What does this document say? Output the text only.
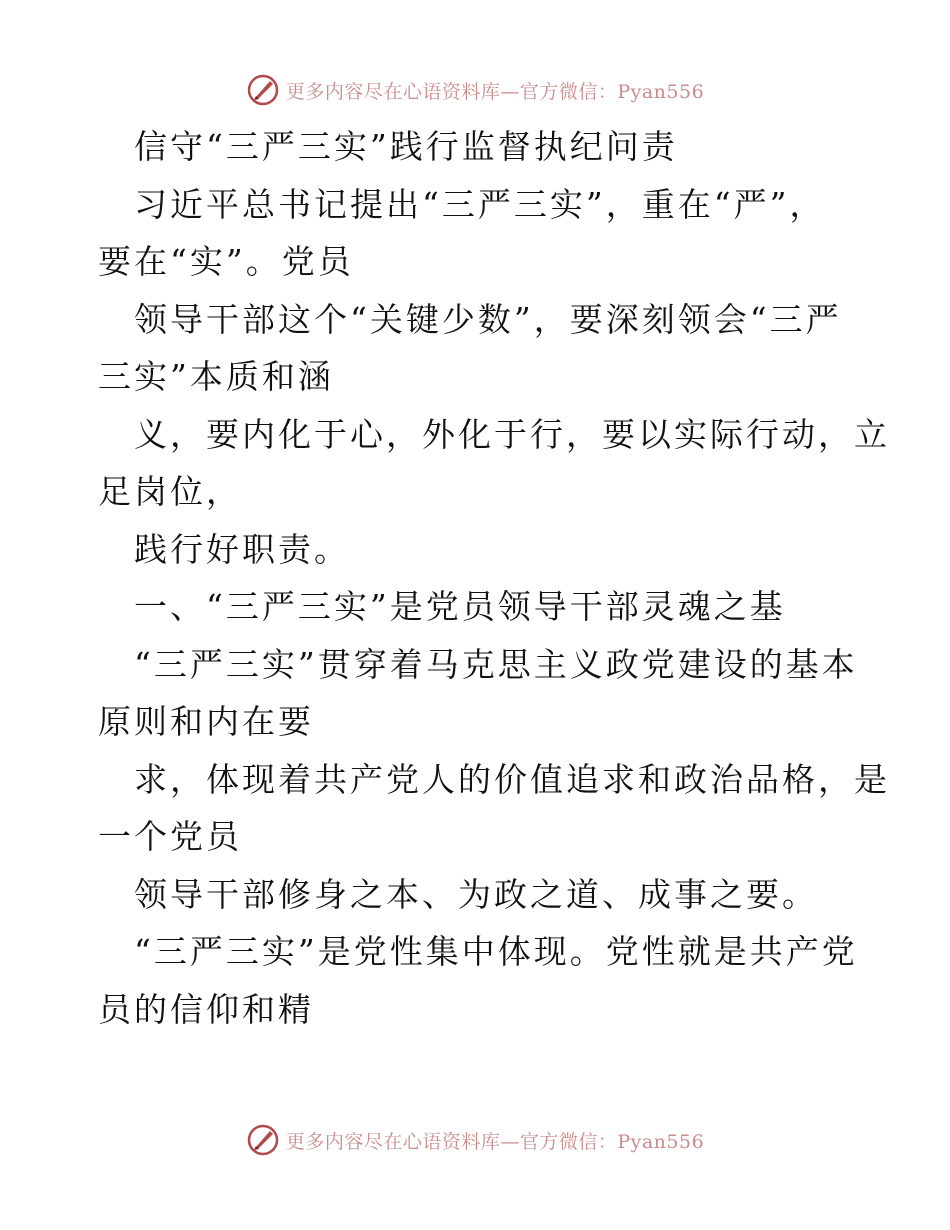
更多内容尽在心语资料库—官方微信：Pyan556
信守“三严三实”践行监督执纪问责
习近平总书记提出“三严三实”，重在“严”，
要在“实”。党员
领导干部这个“关键少数”，要深刻领会“三严
三实”本质和涵
义，要内化于心，外化于行，要以实际行动，立
足岗位，
践行好职责。
一、“三严三实”是党员领导干部灵魂之基
“三严三实”贯穿着马克思主义政党建设的基本
原则和内在要
求，体现着共产党人的价值追求和政治品格，是
一个党员
领导干部修身之本、为政之道、成事之要。
“三严三实”是党性集中体现。党性就是共产党
员的信仰和精
更多内容尽在心语资料库—官方微信：Pyan556
